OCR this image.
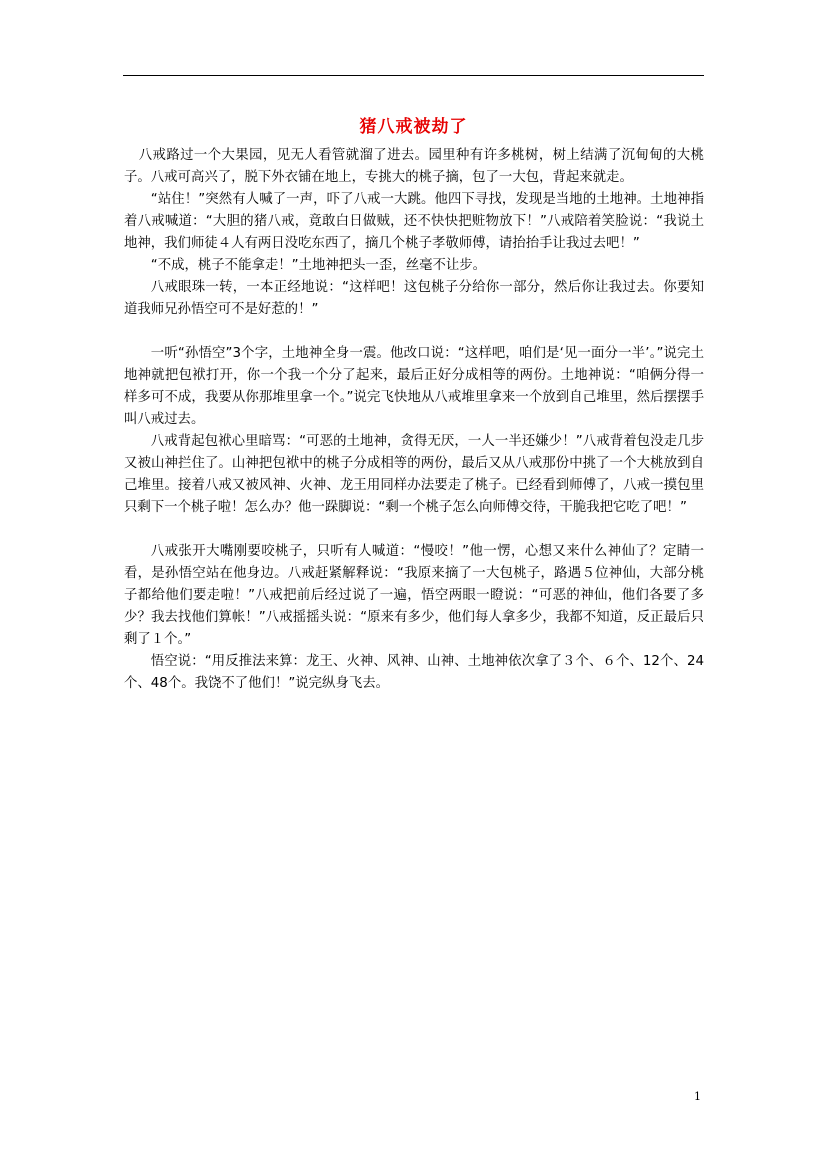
猪八戒被劫了

八戒路过一个大果园，见无人看管就溜了进去。园里种有许多桃树，树上结满了沉甸甸的大桃子。八戒可高兴了，脱下外衣铺在地上，专挑大的桃子摘，包了一大包，背起来就走。

“站住！”突然有人喊了一声，吓了八戒一大跳。他四下寻找，发现是当地的土地神。土地神指着八戒喊道：“大胆的猪八戒，竟敢白日做贼，还不快快把赃物放下！”八戒陪着笑脸说：“我说土地神，我们师徒４人有两日没吃东西了，摘几个桃子孝敬师傅，请抬抬手让我过去吧！”

“不成，桃子不能拿走！”土地神把头一歪，丝毫不让步。

八戒眼珠一转，一本正经地说：“这样吧！这包桃子分给你一部分，然后你让我过去。你要知道我师兄孙悟空可不是好惹的！”

一听“孙悟空”3个字，土地神全身一震。他改口说：“这样吧，咱们是‘见一面分一半’。”说完土地神就把包袱打开，你一个我一个分了起来，最后正好分成相等的两份。土地神说：“咱俩分得一样多可不成，我要从你那堆里拿一个。”说完飞快地从八戒堆里拿来一个放到自己堆里，然后摆摆手叫八戒过去。

八戒背起包袱心里暗骂：“可恶的土地神，贪得无厌，一人一半还嫌少！”八戒背着包没走几步又被山神拦住了。山神把包袱中的桃子分成相等的两份，最后又从八戒那份中挑了一个大桃放到自己堆里。接着八戒又被风神、火神、龙王用同样办法要走了桃子。已经看到师傅了，八戒一摸包里只剩下一个桃子啦！怎么办？他一跺脚说：“剩一个桃子怎么向师傅交待，干脆我把它吃了吧！”

八戒张开大嘴刚要咬桃子，只听有人喊道：“慢咬！”他一愣，心想又来什么神仙了？定睛一看，是孙悟空站在他身边。八戒赶紧解释说：“我原来摘了一大包桃子，路遇５位神仙，大部分桃子都给他们要走啦！”八戒把前后经过说了一遍，悟空两眼一瞪说：“可恶的神仙，他们各要了多少？我去找他们算帐！”八戒摇摇头说：“原来有多少，他们每人拿多少，我都不知道，反正最后只剩了１个。”

悟空说：“用反推法来算：龙王、火神、风神、山神、土地神依次拿了３个、６个、12个、24个、48个。我饶不了他们！”说完纵身飞去。

1
